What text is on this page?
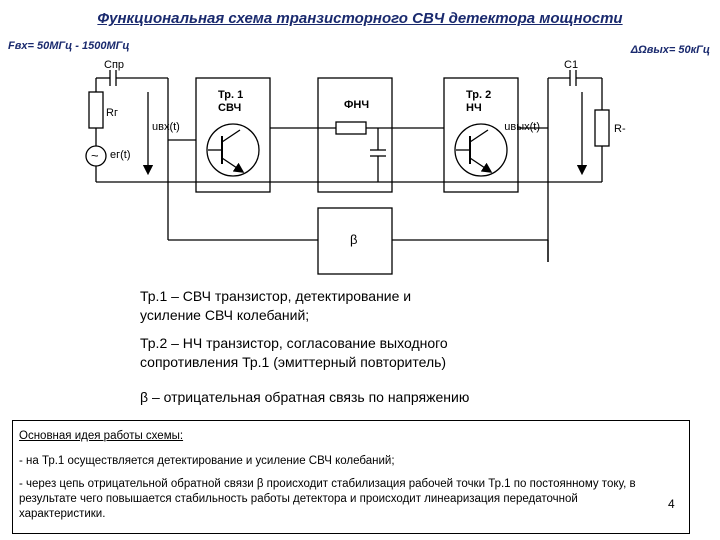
Функциональная схема транзисторного СВЧ детектора мощности
Fвх= 50МГц - 1500МГц	ΔΩвых= 50кГц
Cпр
Rг
~ eг(t)
uвх(t)
Тр. 1
СВЧ	ФНЧ
Тр. 2
НЧ
C1
uвых(t)	R-
β
Тр.1 – СВЧ транзистор, детектирование и
усиление СВЧ колебаний;
Тр.2 – НЧ транзистор, согласование выходного
сопротивления Тр.1 (эмиттерный повторитель)
β – отрицательная обратная связь по напряжению
Основная идея работы схемы:
- на Тр.1 осуществляется детектирование и усиление СВЧ колебаний;
- через цепь отрицательной обратной связи β происходит стабилизация рабочей точки Тр.1 по постоянному току, в результате чего повышается стабильность работы детектора и происходит линеаризация передаточной характеристики.
4
